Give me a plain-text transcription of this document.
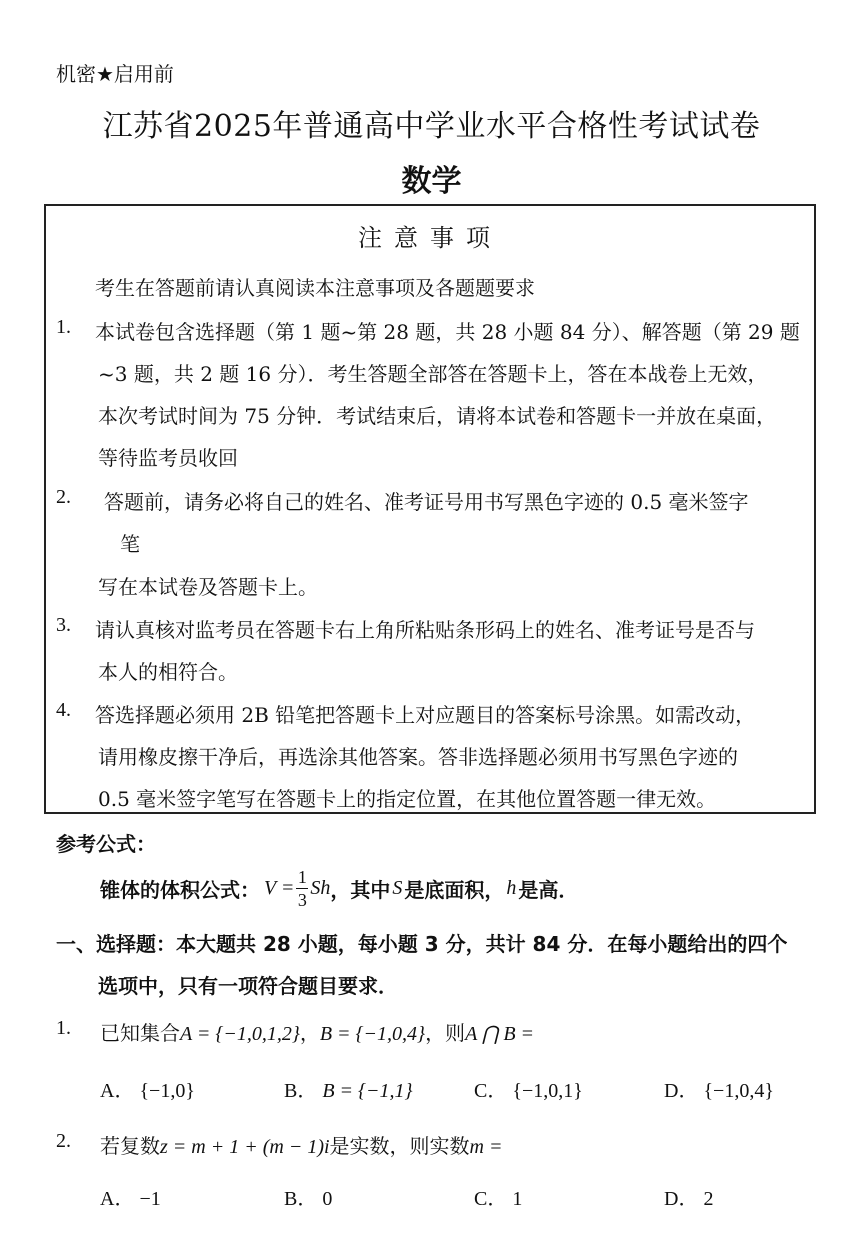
机密★启用前
江苏省2025年普通高中学业水平合格性考试试卷
数学
注意事项
考生在答题前请认真阅读本注意事项及各题题要求
1. 本试卷包含选择题（第 1 题~第 28 题，共 28 小题 84 分）、解答题（第 29 题
~3 题，共 2 题 16 分）．考生答题全部答在答题卡上，答在本战卷上无效，
本次考试时间为 75 分钟．考试结束后，请将本试卷和答题卡一并放在桌面，
等待监考员收回
2. 答题前，请务必将自己的姓名、准考证号用书写黑色字迹的 0.5 毫米签字
笔
写在本试卷及答题卡上。
3. 请认真核对监考员在答题卡右上角所粘贴条形码上的姓名、准考证号是否与
本人的相符合。
4. 答选择题必须用 2B 铅笔把答题卡上对应题目的答案标号涂黑。如需改动，
请用橡皮擦干净后，再选涂其他答案。答非选择题必须用书写黑色字迹的
0.5 毫米签字笔写在答题卡上的指定位置，在其他位置答题一律无效。
参考公式：
锥体的体积公式： $V = \frac{1}{3}$ Sh ，其中 S 是底面积， h 是高．
一、选择题：本大题共 28 小题，每小题 3 分，共计 84 分．在每小题给出的四个
选项中，只有一项符合题目要求．
1. 已知集合A = {−1,0,1,2}，B = {−1,0,4}，则A ⋂ B =
A． {−1,0}	B． B = {−1,1}	C． {−1,0,1}	D． {−1,0,4}
2. 若复数z = m + 1 + (m − 1)i是实数，则实数m =
A． −1	B． 0	C． 1	D． 2
